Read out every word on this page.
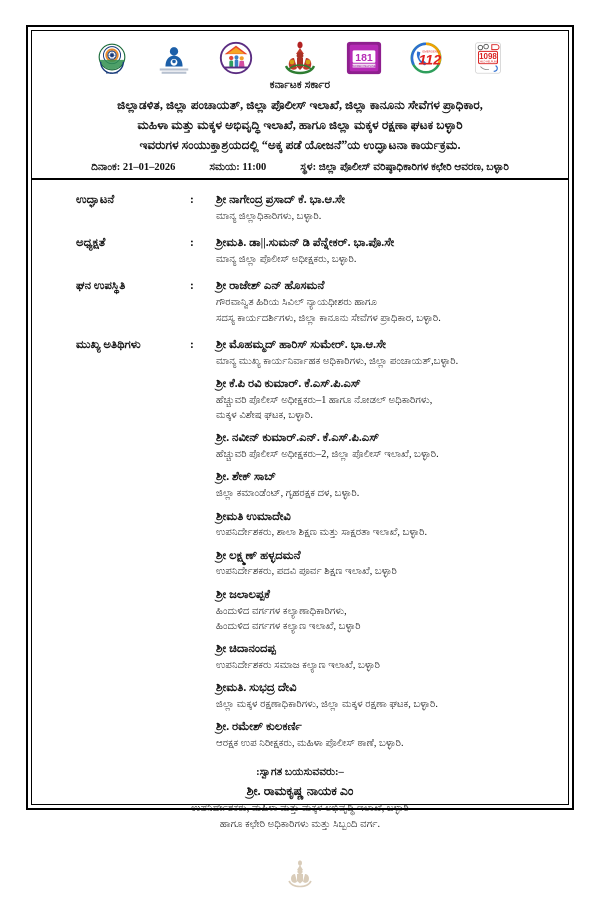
BALLARI
181
WOMEN HELPLINE	112
EMERGENCY
1098
CHILD HELPLINE
ಕರ್ನಾಟಕ ಸರ್ಕಾರ
ಜಿಲ್ಲಾಡಳಿತ, ಜಿಲ್ಲಾ ಪಂಚಾಯತ್, ಜಿಲ್ಲಾ ಪೊಲೀಸ್ ಇಲಾಖೆ, ಜಿಲ್ಲಾ ಕಾನೂನು ಸೇವೆಗಳ ಪ್ರಾಧಿಕಾರ,
ಮಹಿಳಾ ಮತ್ತು ಮಕ್ಕಳ ಅಭಿವೃದ್ಧಿ ಇಲಾಖೆ, ಹಾಗೂ ಜಿಲ್ಲಾ ಮಕ್ಕಳ ರಕ್ಷಣಾ ಘಟಕ ಬಳ್ಳಾರಿ
ಇವರುಗಳ ಸಂಯುಕ್ತಾಶ್ರಯದಲ್ಲಿ “ಅಕ್ಕ ಪಡೆ ಯೋಜನೆ”ಯ ಉದ್ಘಾಟನಾ ಕಾರ್ಯಕ್ರಮ.
ದಿನಾಂಕ: 21–01–2026	ಸಮಯ: 11:00	ಸ್ಥಳ: ಜಿಲ್ಲಾ ಪೊಲೀಸ್ ವರಿಷ್ಠಾಧಿಕಾರಿಗಳ ಕಛೇರಿ ಆವರಣ, ಬಳ್ಳಾರಿ
ಉದ್ಘಾಟನೆ	:	ಶ್ರೀ ನಾಗೇಂದ್ರ ಪ್ರಸಾದ್ ಕೆ. ಭಾ.ಆ.ಸೇ
ಮಾನ್ಯ ಜಿಲ್ಲಾಧಿಕಾರಿಗಳು, ಬಳ್ಳಾರಿ.
ಅಧ್ಯಕ್ಷತೆ	:	ಶ್ರೀಮತಿ. ಡಾ||.ಸುಮನ್ ಡಿ ಪೆನ್ನೇಕರ್. ಭಾ.ಪೊ.ಸೇ
ಮಾನ್ಯ ಜಿಲ್ಲಾ ಪೊಲೀಸ್ ಅಧೀಕ್ಷಕರು, ಬಳ್ಳಾರಿ.
ಘನ ಉಪಸ್ಥಿತಿ	:	ಶ್ರೀ ರಾಜೇಶ್ ಎನ್ ಹೊಸಮನೆ
ಗೌರವಾನ್ವಿತ ಹಿರಿಯ ಸಿವಿಲ್ ನ್ಯಾಯಧೀಶರು ಹಾಗೂ
ಸದಸ್ಯ ಕಾರ್ಯದರ್ಶಿಗಳು, ಜಿಲ್ಲಾ ಕಾನೂನು ಸೇವೆಗಳ ಪ್ರಾಧಿಕಾರ, ಬಳ್ಳಾರಿ.
ಮುಖ್ಯ ಅತಿಥಿಗಳು	:	ಶ್ರೀ ಮೊಹಮ್ಮದ್ ಹಾರಿಸ್ ಸುಮೇರ್. ಭಾ.ಆ.ಸೇ
ಮಾನ್ಯ ಮುಖ್ಯ ಕಾರ್ಯನಿರ್ವಾಹಕ ಅಧಿಕಾರಿಗಳು, ಜಿಲ್ಲಾ ಪಂಚಾಯತ್,ಬಳ್ಳಾರಿ.
ಶ್ರೀ ಕೆ.ಪಿ ರವಿ ಕುಮಾರ್. ಕೆ.ಎಸ್.ಪಿ.ಎಸ್
ಹೆಚ್ಚುವರಿ ಪೊಲೀಸ್ ಅಧೀಕ್ಷಕರು–1 ಹಾಗೂ ನೋಡಲ್ ಅಧಿಕಾರಿಗಳು,
ಮಕ್ಕಳ ವಿಶೇಷ ಘಟಕ, ಬಳ್ಳಾರಿ.
ಶ್ರೀ. ನವೀನ್ ಕುಮಾರ್.ಎನ್. ಕೆ.ಎಸ್.ಪಿ.ಎಸ್
ಹೆಚ್ಚುವರಿ ಪೊಲೀಸ್ ಅಧೀಕ್ಷಕರು–2, ಜಿಲ್ಲಾ ಪೊಲೀಸ್ ಇಲಾಖೆ, ಬಳ್ಳಾರಿ.
ಶ್ರೀ. ಶೇಕ್ ಸಾಬ್
ಜಿಲ್ಲಾ ಕಮಾಂಡೆಂಟ್, ಗೃಹರಕ್ಷಕ ದಳ, ಬಳ್ಳಾರಿ.
ಶ್ರೀಮತಿ ಉಮಾದೇವಿ
ಉಪನಿರ್ದೇಶಕರು, ಶಾಲಾ ಶಿಕ್ಷಣ ಮತ್ತು ಸಾಕ್ಷರತಾ ಇಲಾಖೆ, ಬಳ್ಳಾರಿ.
ಶ್ರೀ ಲಕ್ಷ್ಮಣ್ ಹಳ್ಳದಮನೆ
ಉಪನಿರ್ದೇಶಕರು, ಪದವಿ ಪೂರ್ವ ಶಿಕ್ಷಣ ಇಲಾಖೆ, ಬಳ್ಳಾರಿ
ಶ್ರೀ ಜಲಾಲಪ್ಪಕೆ
ಹಿಂದುಳಿದ ವರ್ಗಗಳ ಕಲ್ಯಾಣಾಧಿಕಾರಿಗಳು,
ಹಿಂದುಳಿದ ವರ್ಗಗಳ ಕಲ್ಯಾಣ ಇಲಾಖೆ, ಬಳ್ಳಾರಿ
ಶ್ರೀ ಚಿದಾನಂದಪ್ಪ
ಉಪನಿರ್ದೇಶಕರು ಸಮಾಜ ಕಲ್ಯಾಣ ಇಲಾಖೆ, ಬಳ್ಳಾರಿ
ಶ್ರೀಮತಿ. ಸುಭದ್ರ ದೇವಿ
ಜಿಲ್ಲಾ ಮಕ್ಕಳ ರಕ್ಷಣಾಧಿಕಾರಿಗಳು, ಜಿಲ್ಲಾ ಮಕ್ಕಳ ರಕ್ಷಣಾ ಘಟಕ, ಬಳ್ಳಾರಿ.
ಶ್ರೀ. ರಮೇಶ್ ಕುಲಕರ್ಣಿ
ಆರಕ್ಷಕ ಉಪ ನಿರೀಕ್ಷಕರು, ಮಹಿಳಾ ಪೊಲೀಸ್ ಠಾಣೆ, ಬಳ್ಳಾರಿ.
:ಸ್ವಾಗತ ಬಯಸುವವರು:–
ಶ್ರೀ. ರಾಮಕೃಷ್ಣ ನಾಯಕ ಎಂ
ಉಪನಿರ್ದೇಶಕರು, ಮಹಿಳಾ ಮತ್ತು ಮಕ್ಕಳ ಅಭಿವೃದ್ಧಿ ಇಲಾಖೆ, ಬಳ್ಳಾರಿ
ಹಾಗೂ ಕಛೇರಿ ಅಧಿಕಾರಿಗಳು ಮತ್ತು ಸಿಬ್ಬಂದಿ ವರ್ಗ.
